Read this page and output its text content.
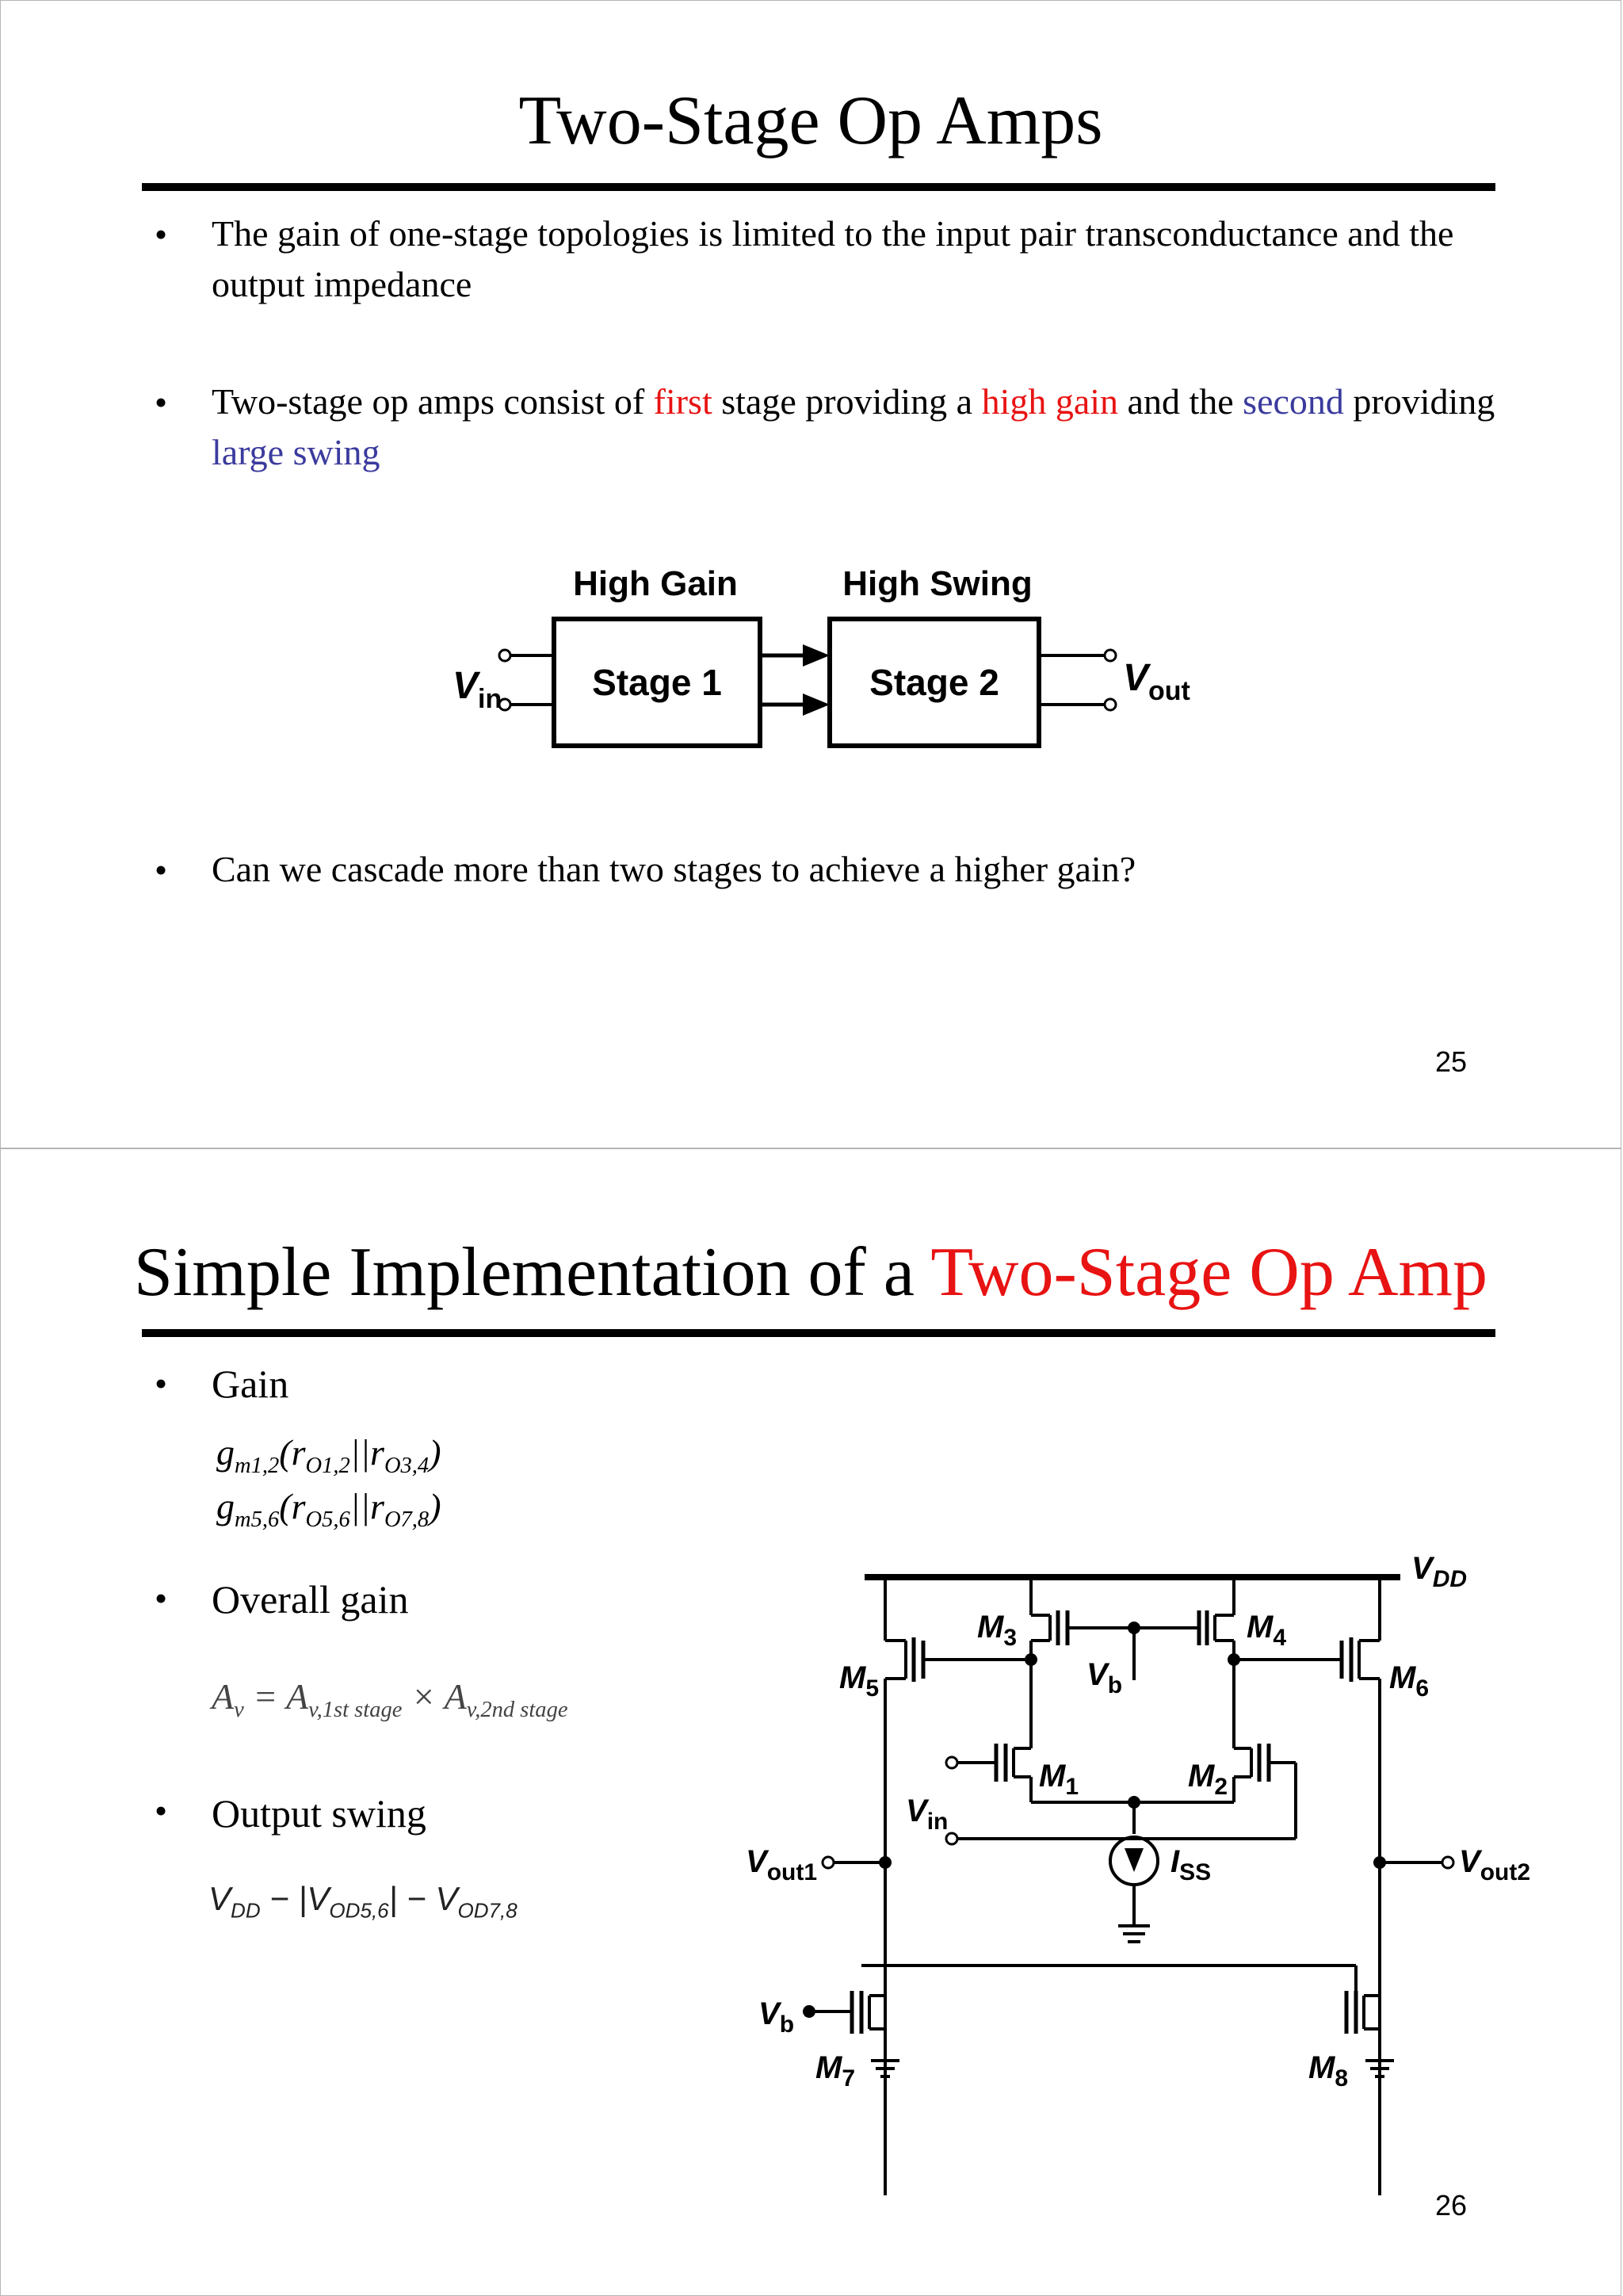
Two-Stage Op Amps
• The gain of one-stage topologies is limited to the input pair transconductance and the output impedance
• Two-stage op amps consist of first stage providing a high gain and the second providing large swing
High Gain	High Swing
Stage 1	Stage 2
$V_{in}$	$V_{out}$
• Can we cascade more than two stages to achieve a higher gain?
25
Simple Implementation of a Two-Stage Op Amp
• Gain
$g_{m1,2}(r_{O1,2}||r_{O3,4})$
$g_{m5,6}(r_{O5,6}||r_{O7,8})$
• Overall gain
$A_v = A_{v,1st stage} \times A_{v,2nd stage}$
• Output swing
$V_{DD} - |V_{OD5,6}| - V_{OD7,8}$
$V_{DD}$
$M_3$	$M_4$
$M_5$	$M_6$
$V_b$
$M_1$	$M_2$
$V_{in}$
$I_{SS}$
$V_{out1}$	$V_{out2}$
$V_b$
$M_7$	$M_8$
26
